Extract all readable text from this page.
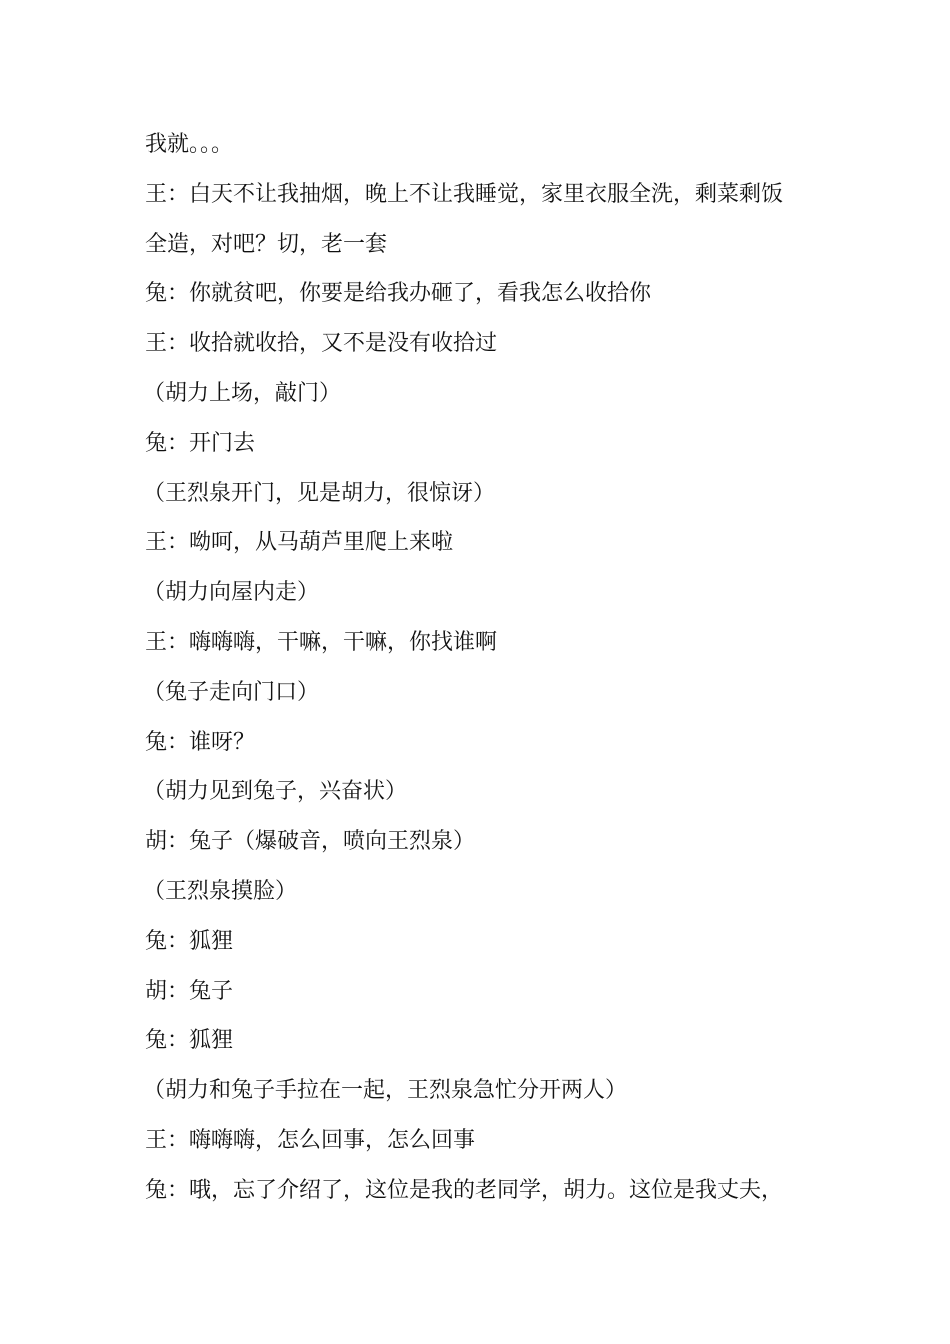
我就。。。
王：白天不让我抽烟，晚上不让我睡觉，家里衣服全洗，剩菜剩饭
全造，对吧？切，老一套
兔：你就贫吧，你要是给我办砸了，看我怎么收拾你
王：收拾就收拾，又不是没有收拾过
（胡力上场，敲门）
兔：开门去
（王烈泉开门，见是胡力，很惊讶）
王：呦呵，从马葫芦里爬上来啦
（胡力向屋内走）
王：嗨嗨嗨，干嘛，干嘛，你找谁啊
（兔子走向门口）
兔：谁呀？
（胡力见到兔子，兴奋状）
胡：兔子（爆破音，喷向王烈泉）
（王烈泉摸脸）
兔：狐狸
胡：兔子
兔：狐狸
（胡力和兔子手拉在一起，王烈泉急忙分开两人）
王：嗨嗨嗨，怎么回事，怎么回事
兔：哦，忘了介绍了，这位是我的老同学，胡力。这位是我丈夫，
